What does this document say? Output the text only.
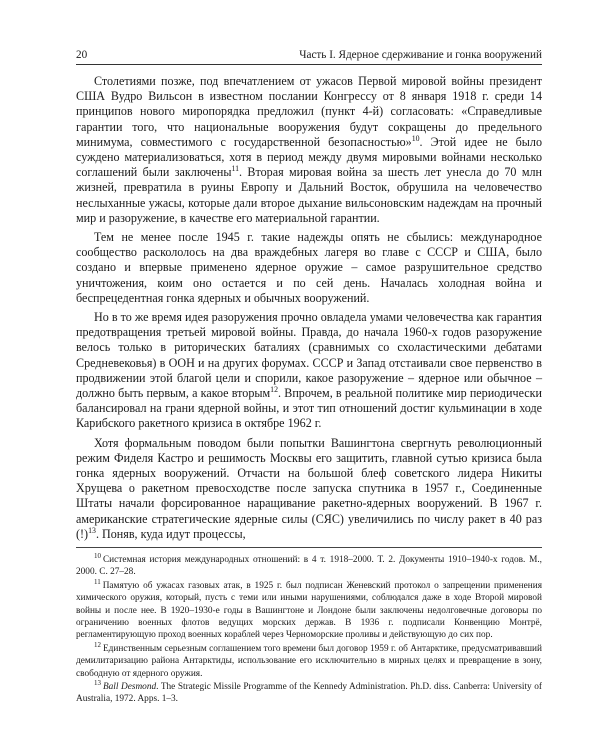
20	Часть I. Ядерное сдерживание и гонка вооружений

Столетиями позже, под впечатлением от ужасов Первой мировой войны президент США Вудро Вильсон в известном послании Конгрессу от 8 января 1918 г. среди 14 принципов нового миропорядка предложил (пункт 4-й) согласовать: «Справедливые гарантии того, что национальные вооружения будут сокращены до предельного минимума, совместимого с государственной безопасностью»$^{10}$. Этой идее не было суждено материализоваться, хотя в период между двумя мировыми войнами несколько соглашений были заключены$^{11}$. Вторая мировая война за шесть лет унесла до 70 млн жизней, превратила в руины Европу и Дальний Восток, обрушила на человечество неслыханные ужасы, которые дали второе дыхание вильсоновским надеждам на прочный мир и разоружение, в качестве его материальной гарантии.

Тем не менее после 1945 г. такие надежды опять не сбылись: международное сообщество раскололось на два враждебных лагеря во главе с СССР и США, было создано и впервые применено ядерное оружие – самое разрушительное средство уничтожения, коим оно остается и по сей день. Началась холодная война и беспрецедентная гонка ядерных и обычных вооружений.

Но в то же время идея разоружения прочно овладела умами человечества как гарантия предотвращения третьей мировой войны. Правда, до начала 1960-х годов разоружение велось только в риторических баталиях (сравнимых со схоластическими дебатами Средневековья) в ООН и на других форумах. СССР и Запад отстаивали свое первенство в продвижении этой благой цели и спорили, какое разоружение – ядерное или обычное – должно быть первым, а какое вторым$^{12}$. Впрочем, в реальной политике мир периодически балансировал на грани ядерной войны, и этот тип отношений достиг кульминации в ходе Карибского ракетного кризиса в октябре 1962 г.

Хотя формальным поводом были попытки Вашингтона свергнуть революционный режим Фиделя Кастро и решимость Москвы его защитить, главной сутью кризиса была гонка ядерных вооружений. Отчасти на большой блеф советского лидера Никиты Хрущева о ракетном превосходстве после запуска спутника в 1957 г., Соединенные Штаты начали форсированное наращивание ракетно-ядерных вооружений. В 1967 г. американские стратегические ядерные силы (СЯС) увеличились по числу ракет в 40 раз (!)$^{13}$. Поняв, куда идут процессы,

$^{10}$ Системная история международных отношений: в 4 т. 1918–2000. Т. 2. Документы 1910–1940-х годов. М., 2000. С. 27–28.

$^{11}$ Памятую об ужасах газовых атак, в 1925 г. был подписан Женевский протокол о запрещении применения химического оружия, который, пусть с теми или иными нарушениями, соблюдался даже в ходе Второй мировой войны и после нее. В 1920–1930-е годы в Вашингтоне и Лондоне были заключены недолговечные договоры по ограничению военных флотов ведущих морских держав. В 1936 г. подписали Конвенцию Монтрё, регламентирующую проход военных кораблей через Черноморские проливы и действующую до сих пор.

$^{12}$ Единственным серьезным соглашением того времени был договор 1959 г. об Антарктике, предусматривавший демилитаризацию района Антарктиды, использование его исключительно в мирных целях и превращение в зону, свободную от ядерного оружия.

$^{13}$ Ball Desmond. The Strategic Missile Programme of the Kennedy Administration. Ph.D. diss. Canberra: University of Australia, 1972. Apps. 1–3.
